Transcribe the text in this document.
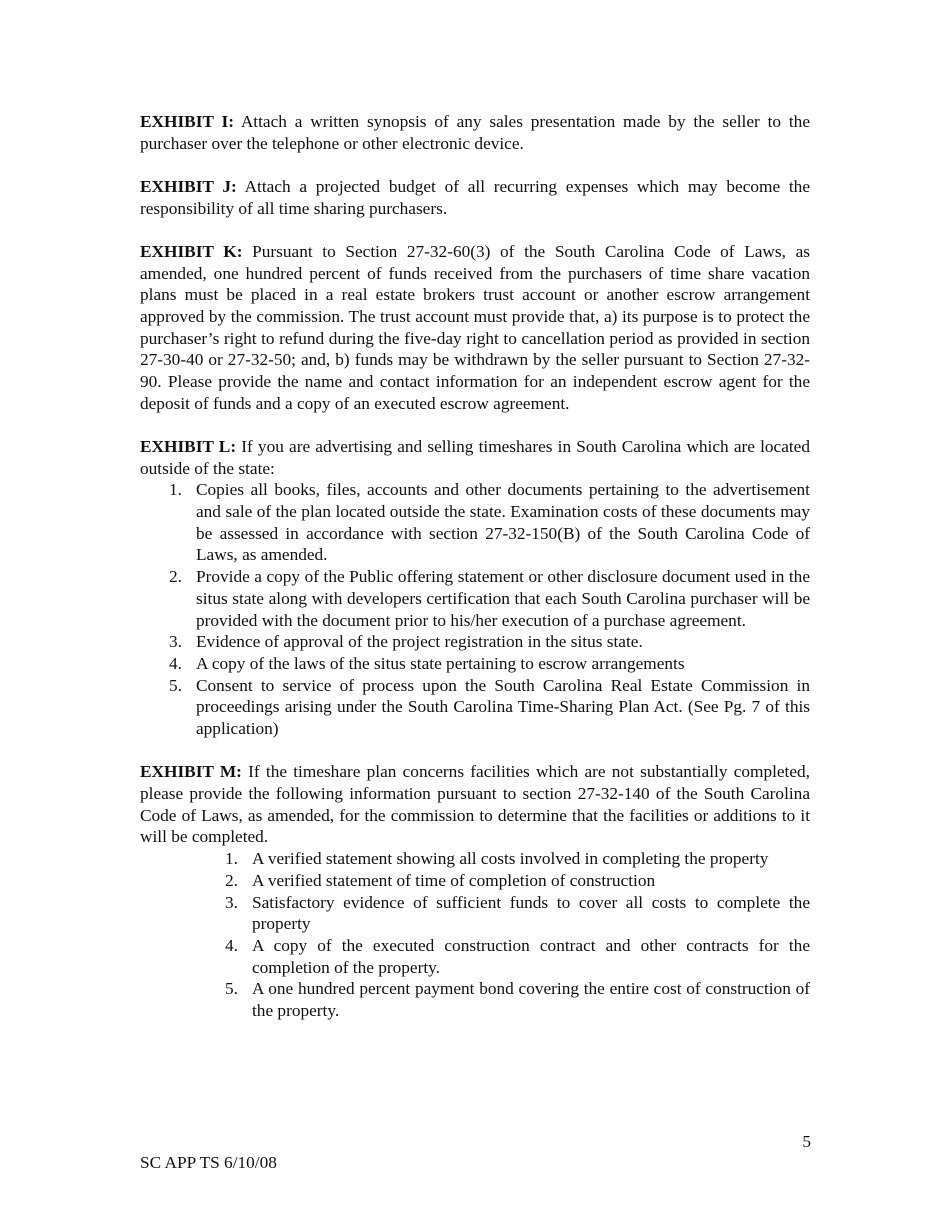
EXHIBIT I: Attach a written synopsis of any sales presentation made by the seller to the purchaser over the telephone or other electronic device.

EXHIBIT J: Attach a projected budget of all recurring expenses which may become the responsibility of all time sharing purchasers.

EXHIBIT K: Pursuant to Section 27-32-60(3) of the South Carolina Code of Laws, as amended, one hundred percent of funds received from the purchasers of time share vacation plans must be placed in a real estate brokers trust account or another escrow arrangement approved by the commission. The trust account must provide that, a) its purpose is to protect the purchaser’s right to refund during the five-day right to cancellation period as provided in section 27-30-40 or 27-32-50; and, b) funds may be withdrawn by the seller pursuant to Section 27-32-90. Please provide the name and contact information for an independent escrow agent for the deposit of funds and a copy of an executed escrow agreement.

EXHIBIT L: If you are advertising and selling timeshares in South Carolina which are located outside of the state:

1. Copies all books, files, accounts and other documents pertaining to the advertisement and sale of the plan located outside the state. Examination costs of these documents may be assessed in accordance with section 27-32-150(B) of the South Carolina Code of Laws, as amended.
2. Provide a copy of the Public offering statement or other disclosure document used in the situs state along with developers certification that each South Carolina purchaser will be provided with the document prior to his/her execution of a purchase agreement.
3. Evidence of approval of the project registration in the situs state.
4. A copy of the laws of the situs state pertaining to escrow arrangements
5. Consent to service of process upon the South Carolina Real Estate Commission in proceedings arising under the South Carolina Time-Sharing Plan Act. (See Pg. 7 of this application)

EXHIBIT M: If the timeshare plan concerns facilities which are not substantially completed, please provide the following information pursuant to section 27-32-140 of the South Carolina Code of Laws, as amended, for the commission to determine that the facilities or additions to it will be completed.

1. A verified statement showing all costs involved in completing the property
2. A verified statement of time of completion of construction
3. Satisfactory evidence of sufficient funds to cover all costs to complete the property
4. A copy of the executed construction contract and other contracts for the completion of the property.
5. A one hundred percent payment bond covering the entire cost of construction of the property.
5
SC APP TS 6/10/08
